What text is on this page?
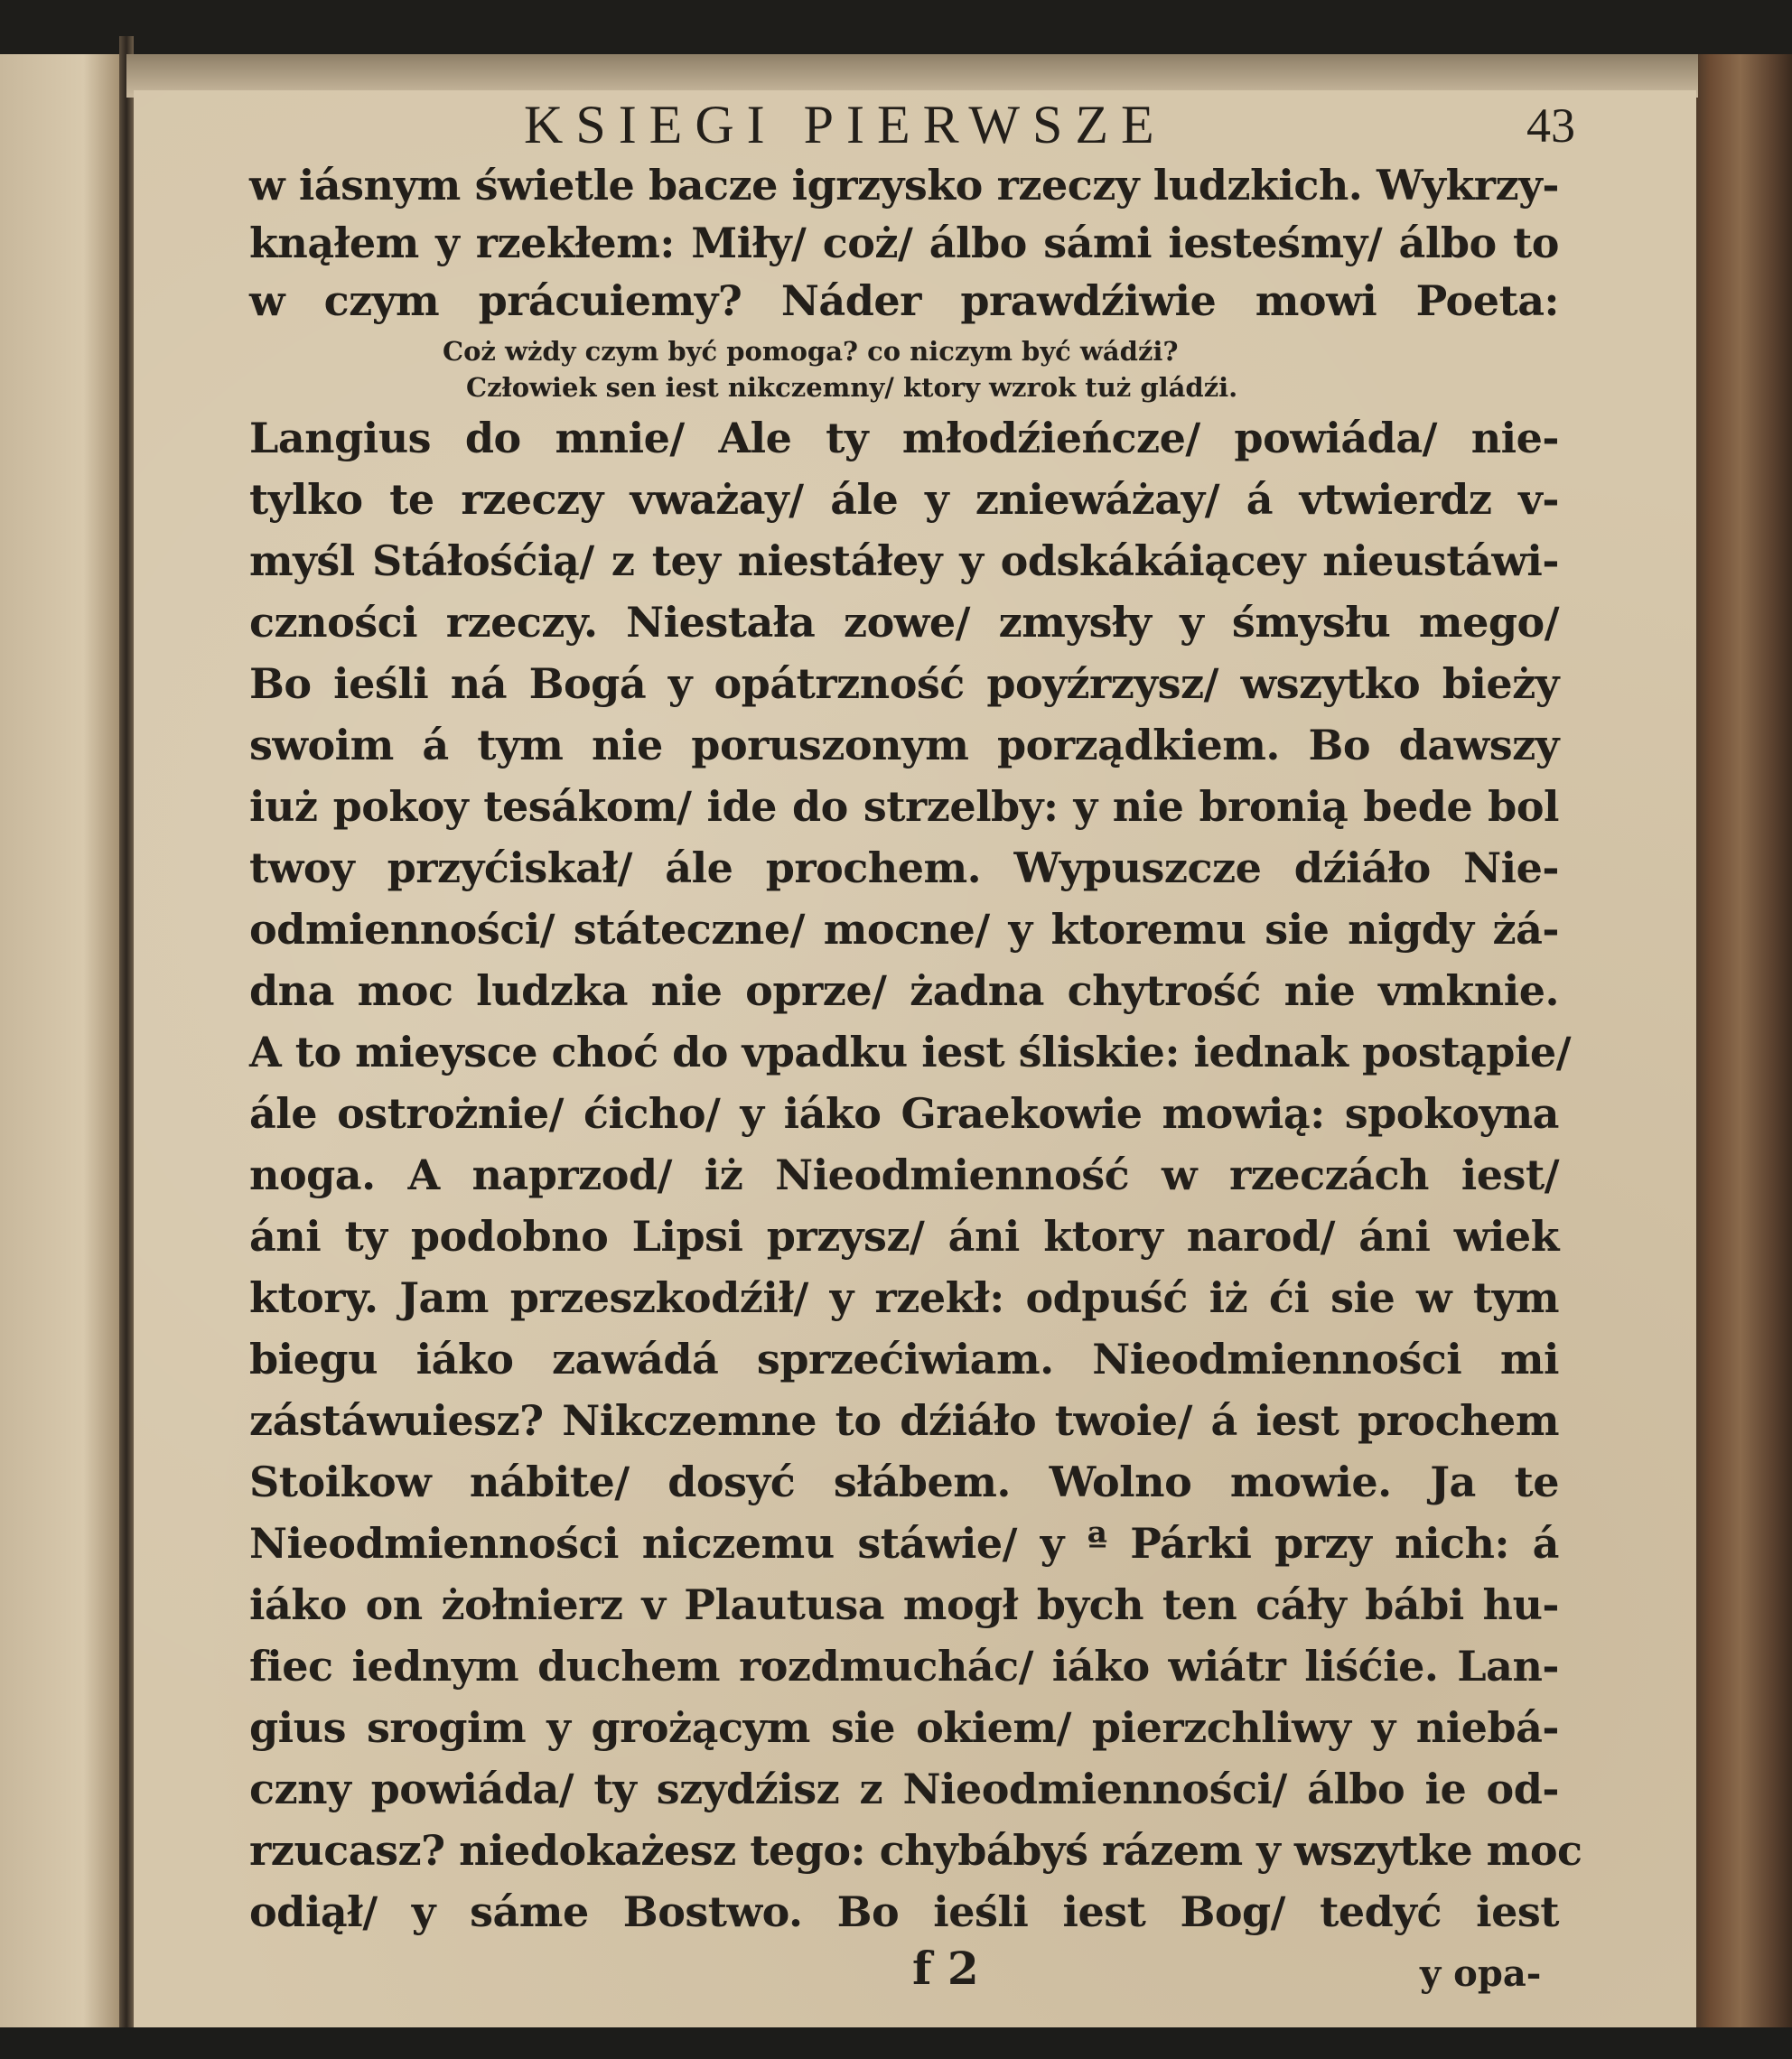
KSIEGI PIERWSZE	43
f 2	y opa-
w iásnym świetle bacze igrzysko rzeczy ludzkich. Wykrzy-
knąłem y rzekłem: Miły/ coż/ álbo sámi iesteśmy/ álbo to
w czym prácuiemy? Náder prawdźiwie mowi Poeta:
Coż wżdy czym być pomoga? co niczym być wádźi?
Człowiek sen iest nikczemny/ ktory wzrok tuż gládźi.
Langius do mnie/ Ale ty młodźieńcze/ powiáda/ nie-
tylko te rzeczy vważay/ ále y zniewáżay/ á vtwierdz v-
myśl Stáłośćią/ z tey niestáłey y odskákáiącey nieustáwi-
czności rzeczy. Niestała zowe/ zmysły y śmysłu mego/
Bo ieśli ná Bogá y opátrzność poyźrzysz/ wszytko bieży
swoim á tym nie poruszonym porządkiem. Bo dawszy
iuż pokoy tesákom/ ide do strzelby: y nie bronią bede bol
twoy przyćiskał/ ále prochem. Wypuszcze dźiáło Nie-
odmienności/ státeczne/ mocne/ y ktoremu sie nigdy żá-
dna moc ludzka nie oprze/ żadna chytrość nie vmknie.
A to mieysce choć do vpadku iest śliskie: iednak postąpie/
ále ostrożnie/ ćicho/ y iáko Graekowie mowią: spokoyna
noga. A naprzod/ iż Nieodmienność w rzeczách iest/
áni ty podobno Lipsi przysz/ áni ktory narod/ áni wiek
ktory. Jam przeszkodźił/ y rzekł: odpuść iż ći sie w tym
biegu iáko zawádá sprzećiwiam. Nieodmienności mi
zástáwuiesz? Nikczemne to dźiáło twoie/ á iest prochem
Stoikow nábite/ dosyć słábem. Wolno mowie. Ja te
Nieodmienności niczemu stáwie/ y ª Párki przy nich: á
iáko on żołnierz v Plautusa mogł bych ten cáły bábi hu-
fiec iednym duchem rozdmuchác/ iáko wiátr liśćie. Lan-
gius srogim y grożącym sie okiem/ pierzchliwy y niebá-
czny powiáda/ ty szydźisz z Nieodmienności/ álbo ie od-
rzucasz? niedokażesz tego: chybábyś rázem y wszytke moc
odiął/ y sáme Bostwo. Bo ieśli iest Bog/ tedyć iest
